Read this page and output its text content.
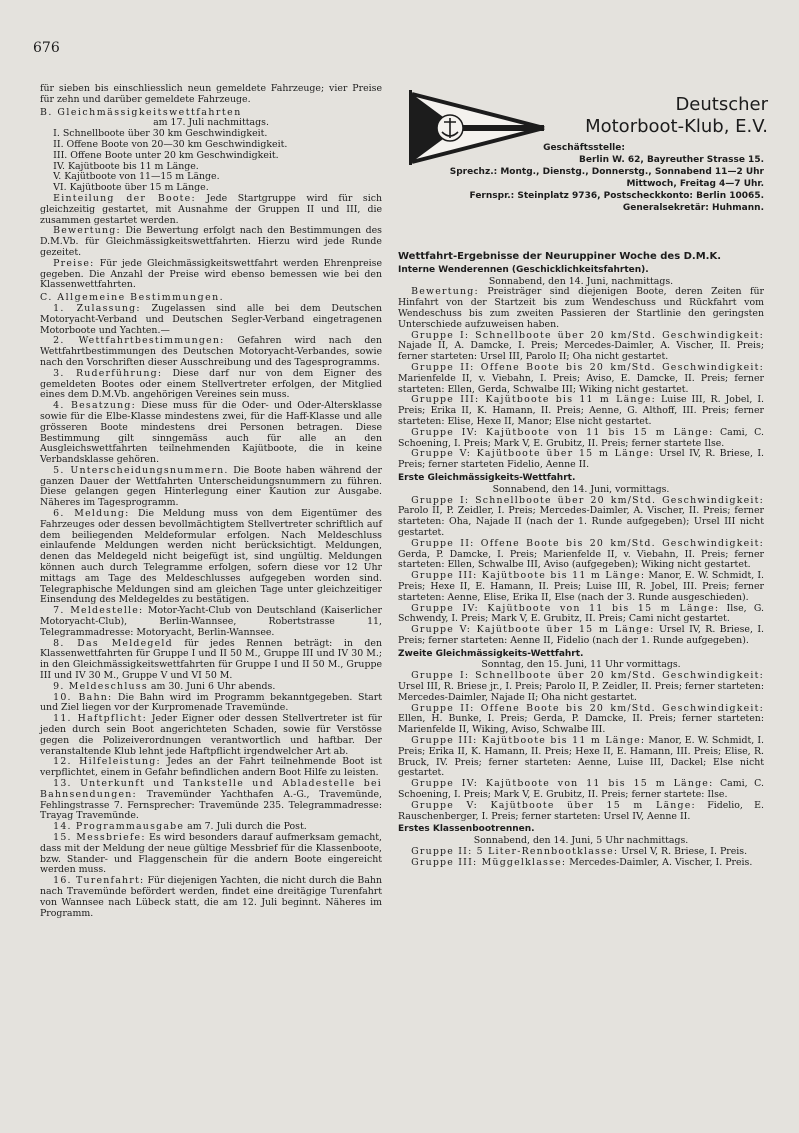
676

für sieben bis einschliesslich neun gemeldete Fahrzeuge; vier Preise für zehn und darüber gemeldete Fahrzeuge.

B. Gleichmässigkeitswettfahrten

am 17. Juli nachmittags.

I. Schnellboote über 30 km Geschwindigkeit.

II. Offene Boote von 20—30 km Geschwindigkeit.

III. Offene Boote unter 20 km Geschwindigkeit.

IV. Kajütboote bis 11 m Länge.

V. Kajütboote von 11—15 m Länge.

VI. Kajütboote über 15 m Länge.

Einteilung der Boote: Jede Startgruppe wird für sich gleichzeitig gestartet, mit Ausnahme der Gruppen II und III, die zusammen gestartet werden.

Bewertung: Die Bewertung erfolgt nach den Bestimmungen des D.M.Vb. für Gleichmässigkeitswettfahrten. Hierzu wird jede Runde gezeitet.

Preise: Für jede Gleichmässigkeitswettfahrt werden Ehrenpreise gegeben. Die Anzahl der Preise wird ebenso bemessen wie bei den Klassenwettfahrten.

C. Allgemeine Bestimmungen.

1. Zulassung: Zugelassen sind alle bei dem Deutschen Motoryacht-Verband und Deutschen Segler-Verband eingetragenen Motorboote und Yachten.—

2. Wettfahrtbestimmungen: Gefahren wird nach den Wettfahrtbestimmungen des Deutschen Motoryacht-Verbandes, sowie nach den Vorschriften dieser Ausschreibung und des Tagesprogramms.

3. Ruderführung: Diese darf nur von dem Eigner des gemeldeten Bootes oder einem Stellvertreter erfolgen, der Mitglied eines dem D.M.Vb. angehörigen Vereines sein muss.

4. Besatzung: Diese muss für die Oder- und Oder-Altersklasse sowie für die Elbe-Klasse mindestens zwei, für die Haff-Klasse und alle grösseren Boote mindestens drei Personen betragen. Diese Bestimmung gilt sinngemäss auch für alle an den Ausgleichswettfahrten teilnehmenden Kajütboote, die in keine Verbandsklasse gehören.

5. Unterscheidungsnummern. Die Boote haben während der ganzen Dauer der Wettfahrten Unterscheidungsnummern zu führen. Diese gelangen gegen Hinterlegung einer Kaution zur Ausgabe. Näheres im Tagesprogramm.

6. Meldung: Die Meldung muss von dem Eigentümer des Fahrzeuges oder dessen bevollmächtigtem Stellvertreter schriftlich auf dem beiliegenden Meldeformular erfolgen. Nach Meldeschluss einlaufende Meldungen werden nicht berücksichtigt. Meldungen, denen das Meldegeld nicht beigefügt ist, sind ungültig. Meldungen können auch durch Telegramme erfolgen, sofern diese vor 12 Uhr mittags am Tage des Meldeschlusses aufgegeben worden sind. Telegraphische Meldungen sind am gleichen Tage unter gleichzeitiger Einsendung des Meldegeldes zu bestätigen.

7. Meldestelle: Motor-Yacht-Club von Deutschland (Kaiserlicher Motoryacht-Club), Berlin-Wannsee, Robertstrasse 11, Telegrammadresse: Motoryacht, Berlin-Wannsee.

8. Das Meldegeld für jedes Rennen beträgt: in den Klassenwettfahrten für Gruppe I und II 50 M., Gruppe III und IV 30 M.; in den Gleichmässigkeitswettfahrten für Gruppe I und II 50 M., Gruppe III und IV 30 M., Gruppe V und VI 50 M.

9. Meldeschluss am 30. Juni 6 Uhr abends.

10. Bahn: Die Bahn wird im Programm bekanntgegeben. Start und Ziel liegen vor der Kurpromenade Travemünde.

11. Haftpflicht: Jeder Eigner oder dessen Stellvertreter ist für jeden durch sein Boot angerichteten Schaden, sowie für Verstösse gegen die Polizeiverordnungen verantwortlich und haftbar. Der veranstaltende Klub lehnt jede Haftpflicht irgendwelcher Art ab.

12. Hilfeleistung: Jedes an der Fahrt teilnehmende Boot ist verpflichtet, einem in Gefahr befindlichen andern Boot Hilfe zu leisten.

13. Unterkunft und Tankstelle und Abladestelle bei Bahnsendungen: Travemünder Yachthafen A.-G., Travemünde, Fehlingstrasse 7. Fernsprecher: Travemünde 235. Telegrammadresse: Trayag Travemünde.

14. Programmausgabe am 7. Juli durch die Post.

15. Messbriefe: Es wird besonders darauf aufmerksam gemacht, dass mit der Meldung der neue gültige Messbrief für die Klassenboote, bzw. Stander- und Flaggenschein für die andern Boote eingereicht werden muss.

16. Turenfahrt: Für diejenigen Yachten, die nicht durch die Bahn nach Travemünde befördert werden, findet eine dreitägige Turenfahrt von Wannsee nach Lübeck statt, die am 12. Juli beginnt. Näheres im Programm.

Deutscher
Motorboot-Klub, E.V.
Geschäftsstelle:
Berlin W. 62, Bayreuther Strasse 15.
Sprechz.: Montg., Dienstg., Donnerstg., Sonnabend 11—2 Uhr
Mittwoch, Freitag 4—7 Uhr.
Fernspr.: Steinplatz 9736, Postscheckkonto: Berlin 10065.
Generalsekretär: Huhmann.

Wettfahrt-Ergebnisse der Neuruppiner Woche des D.M.K.

Interne Wenderennen (Geschicklichkeitsfahrten).

Sonnabend, den 14. Juni, nachmittags.

Bewertung: Preisträger sind diejenigen Boote, deren Zeiten für Hinfahrt von der Startzeit bis zum Wendeschuss und Rückfahrt vom Wendeschuss bis zum zweiten Passieren der Startlinie den geringsten Unterschiede aufzuweisen haben.

Gruppe I: Schnellboote über 20 km/Std. Geschwindigkeit: Najade II, A. Damcke, I. Preis; Mercedes-Daimler, A. Vischer, II. Preis; ferner starteten: Ursel III, Parolo II; Oha nicht gestartet.

Gruppe II: Offene Boote bis 20 km/Std. Geschwindigkeit: Marienfelde II, v. Viebahn, I. Preis; Aviso, E. Damcke, II. Preis; ferner starteten: Ellen, Gerda, Schwalbe III; Wiking nicht gestartet.

Gruppe III: Kajütboote bis 11 m Länge: Luise III, R. Jobel, I. Preis; Erika II, K. Hamann, II. Preis; Aenne, G. Althoff, III. Preis; ferner starteten: Elise, Hexe II, Manor; Else nicht gestartet.

Gruppe IV: Kajütboote von 11 bis 15 m Länge: Cami, C. Schoening, I. Preis; Mark V, E. Grubitz, II. Preis; ferner startete Ilse.

Gruppe V: Kajütboote über 15 m Länge: Ursel IV, R. Briese, I. Preis; ferner starteten Fidelio, Aenne II.

Erste Gleichmässigkeits-Wettfahrt.

Sonnabend, den 14. Juni, vormittags.

Gruppe I: Schnellboote über 20 km/Std. Geschwindigkeit: Parolo II, P. Zeidler, I. Preis; Mercedes-Daimler, A. Vischer, II. Preis; ferner starteten: Oha, Najade II (nach der 1. Runde aufgegeben); Ursel III nicht gestartet.

Gruppe II: Offene Boote bis 20 km/Std. Geschwindigkeit: Gerda, P. Damcke, I. Preis; Marienfelde II, v. Viebahn, II. Preis; ferner starteten: Ellen, Schwalbe III, Aviso (aufgegeben); Wiking nicht gestartet.

Gruppe III: Kajütboote bis 11 m Länge: Manor, E. W. Schmidt, I. Preis; Hexe II, E. Hamann, II. Preis; Luise III, R. Jobel, III. Preis; ferner starteten: Aenne, Elise, Erika II, Else (nach der 3. Runde ausgeschieden).

Gruppe IV: Kajütboote von 11 bis 15 m Länge: Ilse, G. Schwendy, I. Preis; Mark V, E. Grubitz, II. Preis; Cami nicht gestartet.

Gruppe V: Kajütboote über 15 m Länge: Ursel IV, R. Briese, I. Preis; ferner starteten: Aenne II, Fidelio (nach der 1. Runde aufgegeben).

Zweite Gleichmässigkeits-Wettfahrt.

Sonntag, den 15. Juni, 11 Uhr vormittags.

Gruppe I: Schnellboote über 20 km/Std. Geschwindigkeit: Ursel III, R. Briese jr., I. Preis; Parolo II, P. Zeidler, II. Preis; ferner starteten: Mercedes-Daimler, Najade II; Oha nicht gestartet.

Gruppe II: Offene Boote bis 20 km/Std. Geschwindigkeit: Ellen, H. Bunke, I. Preis; Gerda, P. Damcke, II. Preis; ferner starteten: Marienfelde II, Wiking, Aviso, Schwalbe III.

Gruppe III: Kajütboote bis 11 m Länge: Manor, E. W. Schmidt, I. Preis; Erika II, K. Hamann, II. Preis; Hexe II, E. Hamann, III. Preis; Elise, R. Bruck, IV. Preis; ferner starteten: Aenne, Luise III, Dackel; Else nicht gestartet.

Gruppe IV: Kajütboote von 11 bis 15 m Länge: Cami, C. Schoening, I. Preis; Mark V, E. Grubitz, II. Preis; ferner startete: Ilse.

Gruppe V: Kajütboote über 15 m Länge: Fidelio, E. Rauschenberger, I. Preis; ferner starteten: Ursel IV, Aenne II.

Erstes Klassenbootrennen.

Sonnabend, den 14. Juni, 5 Uhr nachmittags.

Gruppe II: 5 Liter-Rennbootklasse: Ursel V, R. Briese, I. Preis.

Gruppe III: Müggelklasse: Mercedes-Daimler, A. Vischer, I. Preis.
